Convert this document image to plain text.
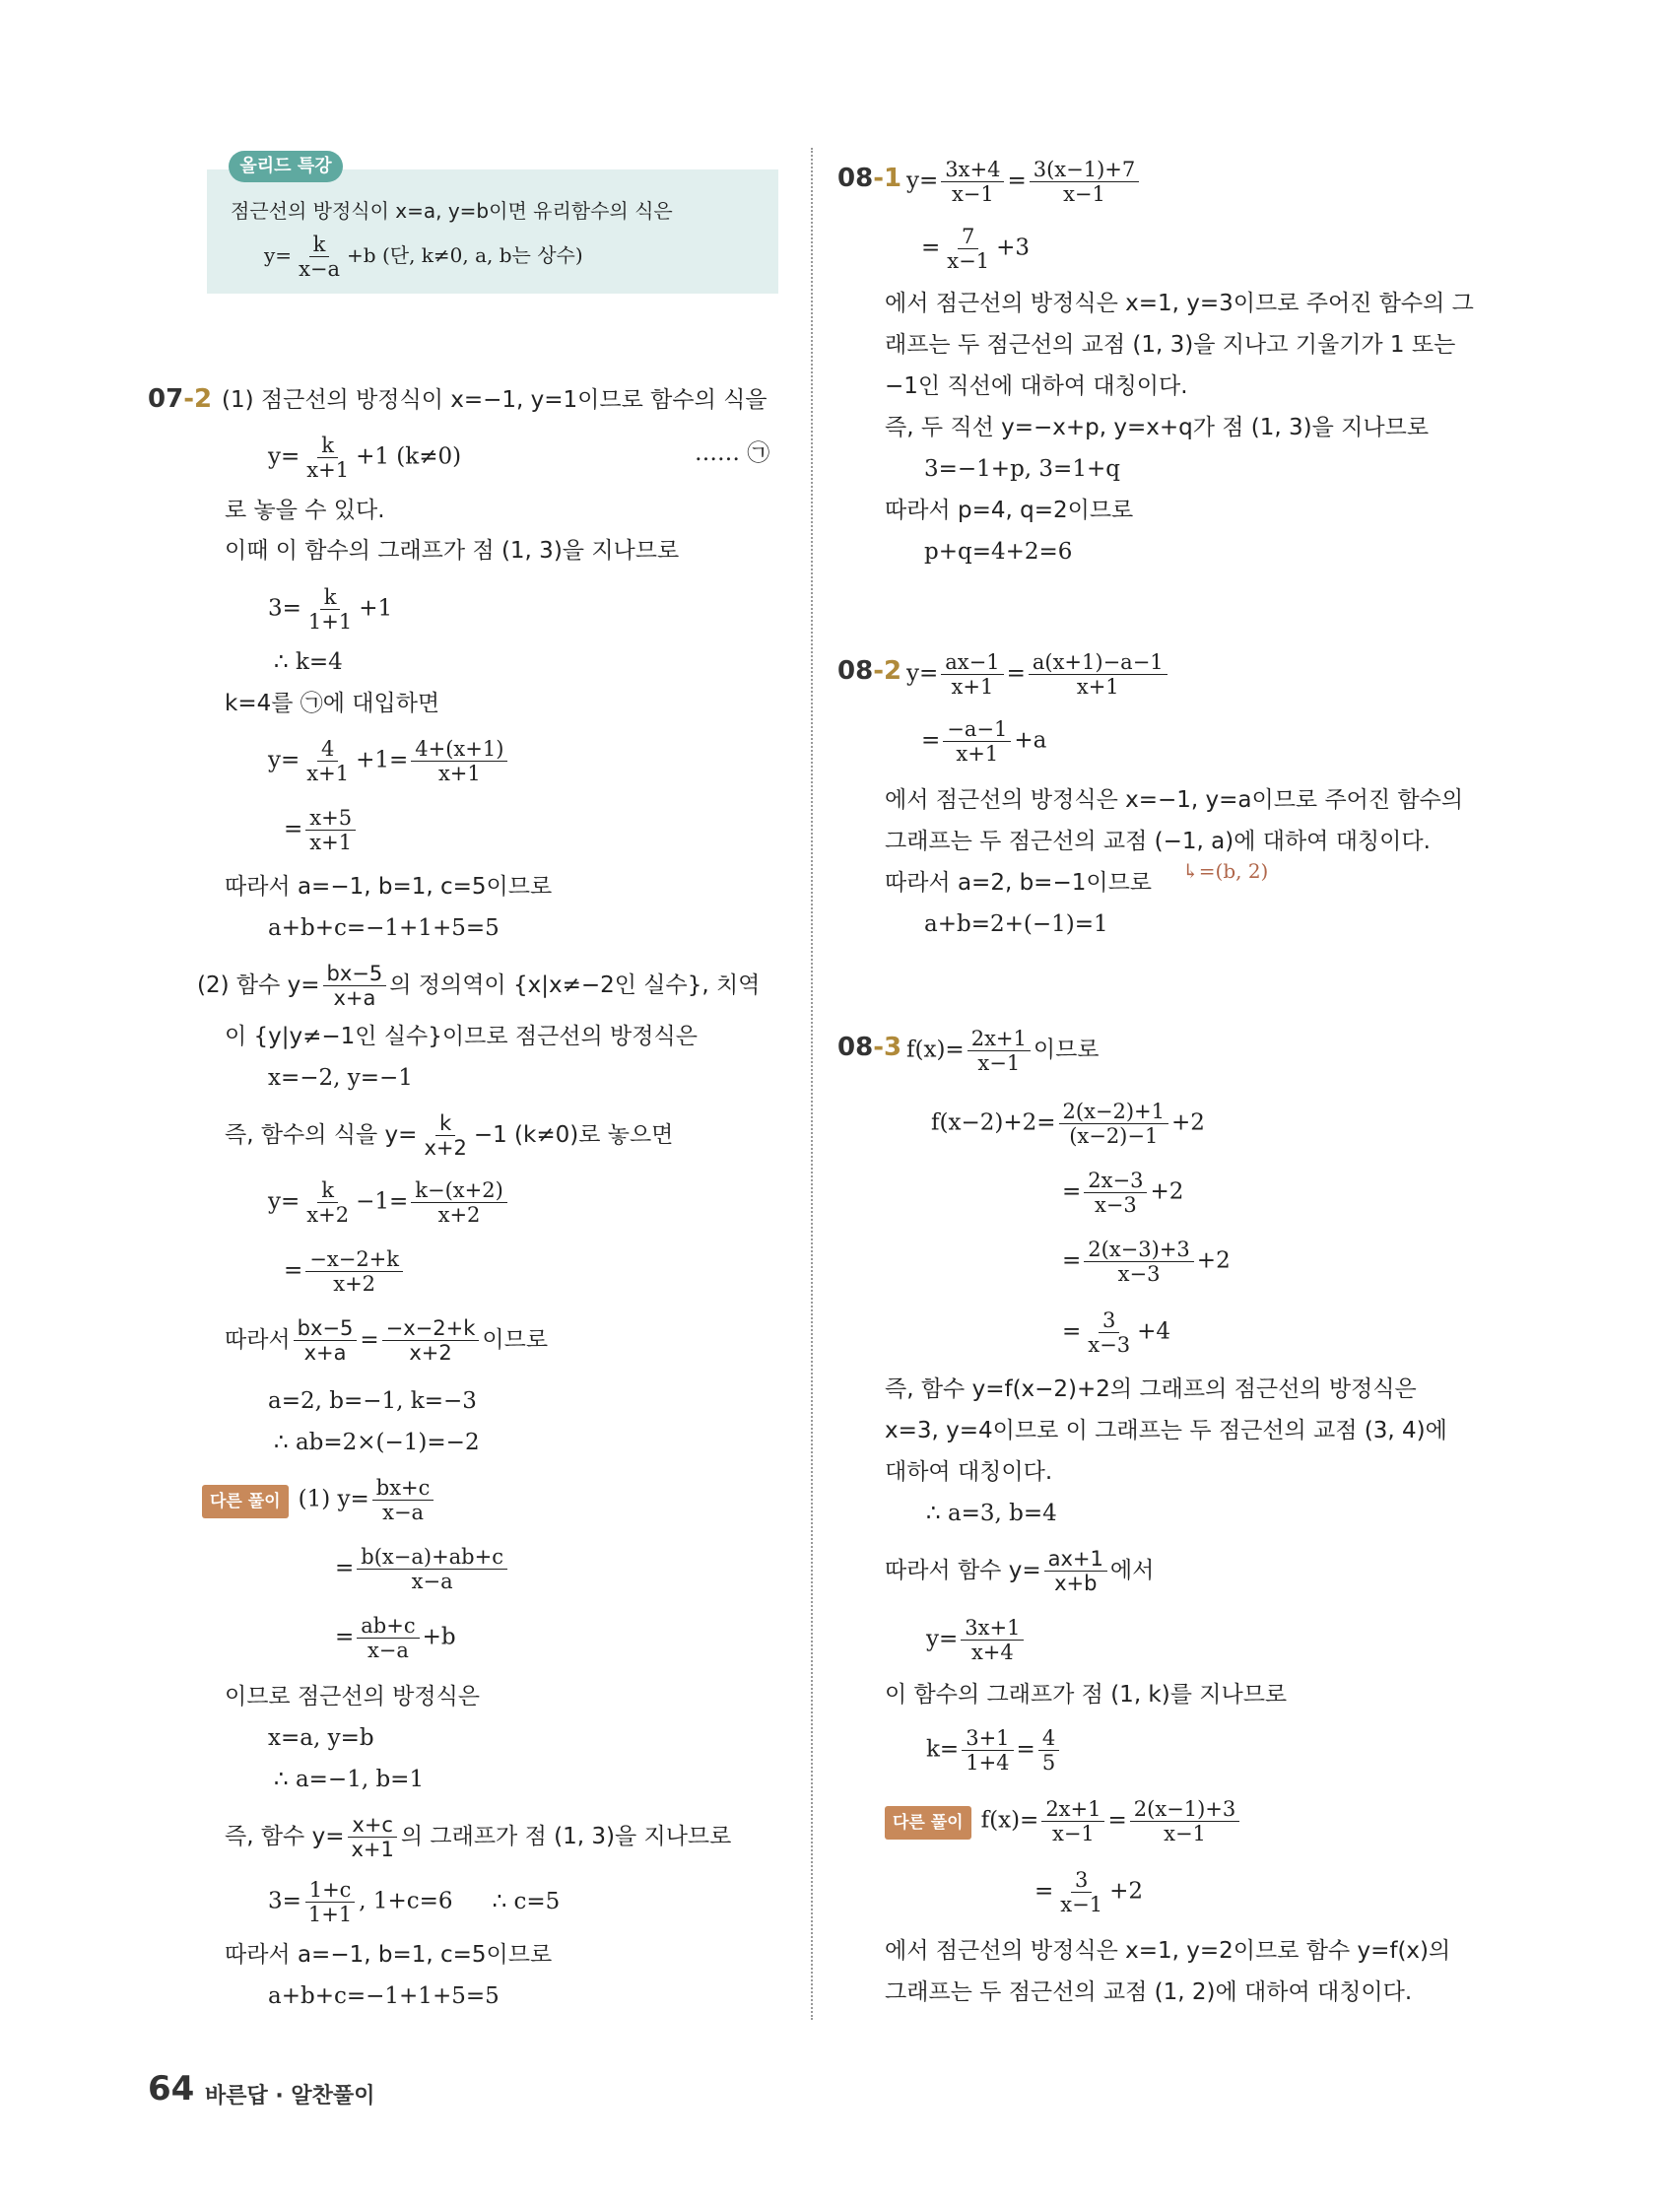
올리드 특강
점근선의 방정식이 x=a, y=b이면 유리함수의 식은
$y= \frac{k}{x-a} +b$ (단, k≠0, a, b는 상수)
07-2 (1) 점근선의 방정식이 x=−1, y=1이므로 함수의 식을
$y= \frac{k}{x+1} +1$ (k≠0)	…… ㉠
로 놓을 수 있다.
이때 이 함수의 그래프가 점 (1, 3)을 지나므로
$3= \frac{k}{1+1} +1$
∴ k=4
k=4를 ㉠에 대입하면
$y= \frac{4}{x+1} +1= \frac{4+(x+1)}{x+1}$
= $\frac{x+5}{x+1}$
따라서 a=−1, b=1, c=5이므로
a+b+c=−1+1+5=5
(2) 함수 $y= \frac{bx-5}{x+a}$ 의 정의역이 {x|x≠−2인 실수}, 치역
이 {y|y≠−1인 실수}이므로 점근선의 방정식은
x=−2, y=−1
즉, 함수의 식을 $y= \frac{k}{x+2} -1$ (k≠0)로 놓으면
$y= \frac{k}{x+2} -1= \frac{k-(x+2)}{x+2}$
= $\frac{-x-2+k}{x+2}$
따라서 $\frac{bx-5}{x+a} = \frac{-x-2+k}{x+2}$ 이므로
a=2, b=−1, k=−3
∴ ab=2×(−1)=−2
다른 풀이 (1) $y= \frac{bx+c}{x-a}$
= $\frac{b(x-a)+ab+c}{x-a}$
= $\frac{ab+c}{x-a} +b$
이므로 점근선의 방정식은
x=a, y=b
∴ a=−1, b=1
즉, 함수 $y= \frac{x+c}{x+1}$ 의 그래프가 점 (1, 3)을 지나므로
$3= \frac{1+c}{1+1}$ , 1+c=6 ∴ c=5
따라서 a=−1, b=1, c=5이므로
a+b+c=−1+1+5=5
08-1 $y= \frac{3x+4}{x-1} = \frac{3(x-1)+7}{x-1}$
= $\frac{7}{x-1} +3$
에서 점근선의 방정식은 x=1, y=3이므로 주어진 함수의 그
래프는 두 점근선의 교점 (1, 3)을 지나고 기울기가 1 또는
−1인 직선에 대하여 대칭이다.
즉, 두 직선 y=−x+p, y=x+q가 점 (1, 3)을 지나므로
3=−1+p, 3=1+q
따라서 p=4, q=2이므로
p+q=4+2=6
08-2 $y= \frac{ax-1}{x+1} = \frac{a(x+1)-a-1}{x+1}$
= $\frac{-a-1}{x+1} +a$
에서 점근선의 방정식은 x=−1, y=a이므로 주어진 함수의
그래프는 두 점근선의 교점 (−1, a)에 대하여 대칭이다.
따라서 a=2, b=−1이므로 ↳=(b, 2)
a+b=2+(−1)=1
08-3 $f(x)= \frac{2x+1}{x-1}$ 이므로
$f(x-2)+2= \frac{2(x-2)+1}{(x-2)-1} +2$
= $\frac{2x-3}{x-3} +2$
= $\frac{2(x-3)+3}{x-3} +2$
= $\frac{3}{x-3} +4$
즉, 함수 y=f(x−2)+2의 그래프의 점근선의 방정식은
x=3, y=4이므로 이 그래프는 두 점근선의 교점 (3, 4)에
대하여 대칭이다.
∴ a=3, b=4
따라서 함수 $y= \frac{ax+1}{x+b}$ 에서
$y= \frac{3x+1}{x+4}$
이 함수의 그래프가 점 (1, k)를 지나므로
$k= \frac{3+1}{1+4} = \frac{4}{5}$
다른 풀이 $f(x)= \frac{2x+1}{x-1} = \frac{2(x-1)+3}{x-1}$
= $\frac{3}{x-1} +2$
에서 점근선의 방정식은 x=1, y=2이므로 함수 y=f(x)의
그래프는 두 점근선의 교점 (1, 2)에 대하여 대칭이다.
64 바른답 · 알찬풀이
